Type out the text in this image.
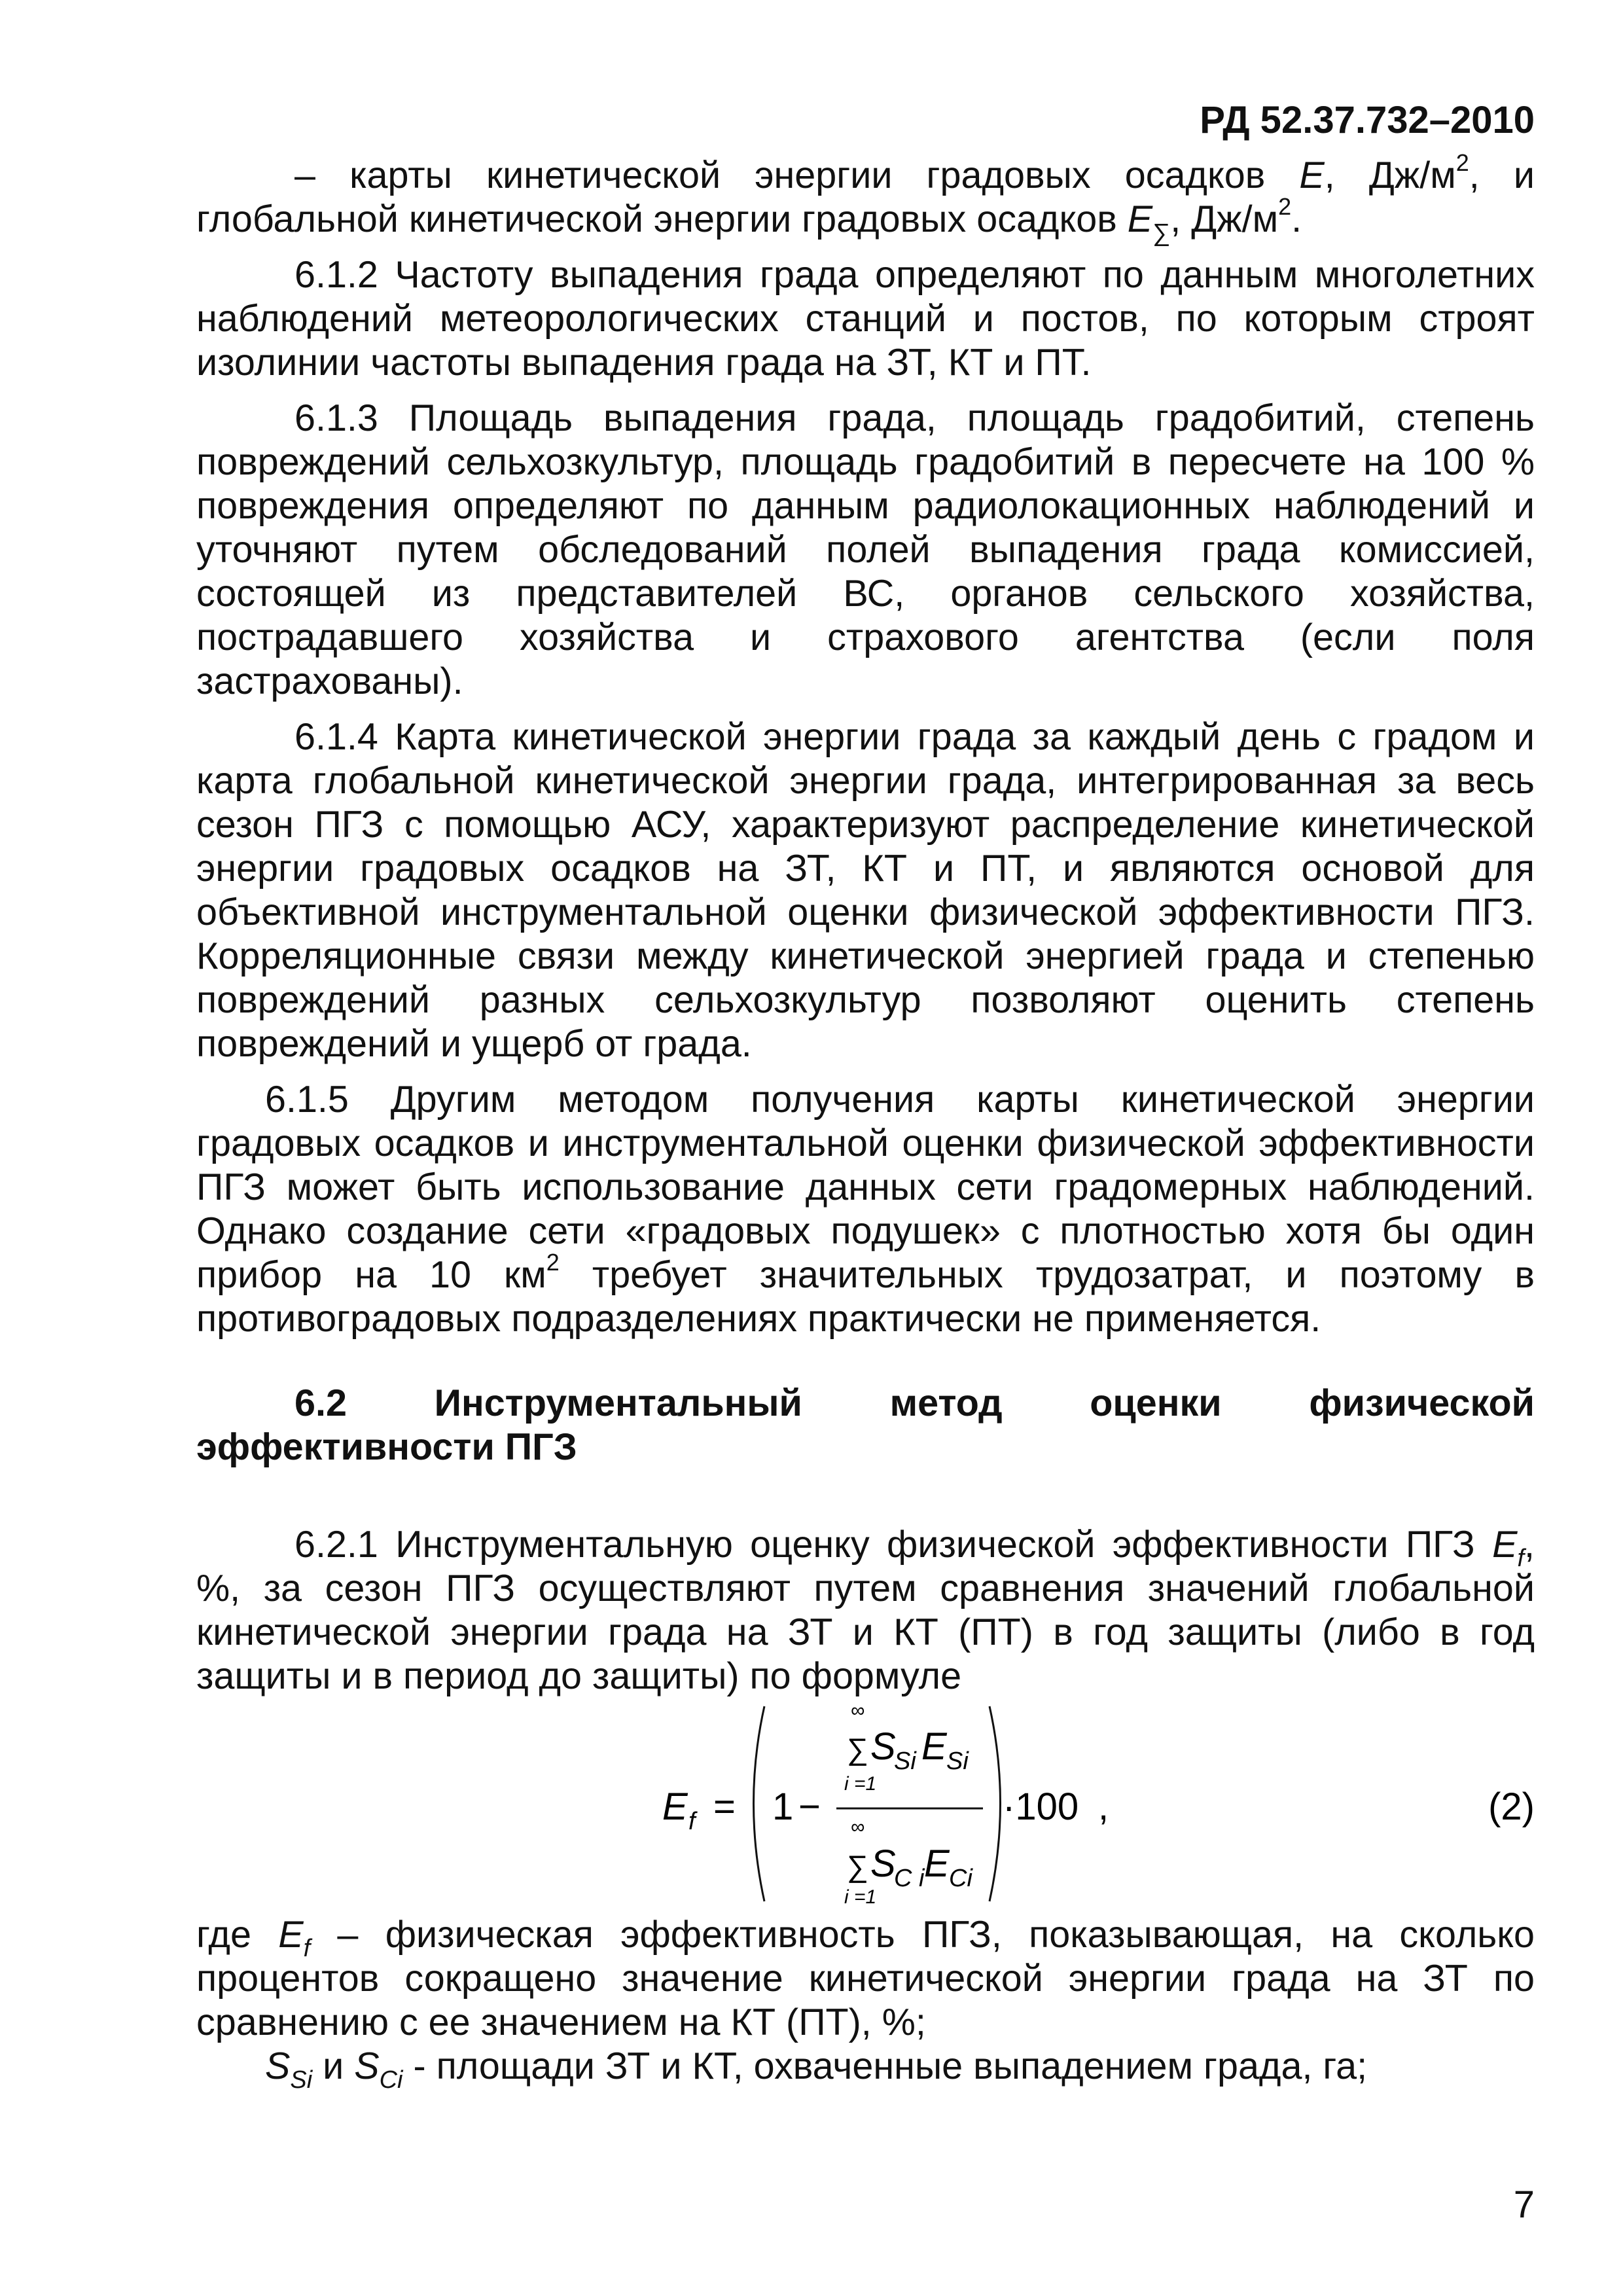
РД 52.37.732–2010

– карты кинетической энергии градовых осадков E, $Дж/м^2$, и

глобальной кинетической энергии градовых осадков $E_\sum$, $Дж/м^2$.

6.1.2 Частоту выпадения града определяют по данным многолетних

наблюдений метеорологических станций и постов, по которым строят

изолинии частоты выпадения града на ЗТ, КТ и ПТ.

6.1.3 Площадь выпадения града, площадь градобитий, степень

повреждений сельхозкультур, площадь градобитий в пересчете на 100 %

повреждения определяют по данным радиолокационных наблюдений и

уточняют путем обследований полей выпадения града комиссией,

состоящей из представителей ВС, органов сельского хозяйства,

пострадавшего хозяйства и страхового агентства (если поля

застрахованы).

6.1.4 Карта кинетической энергии града за каждый день с градом и

карта глобальной кинетической энергии града, интегрированная за весь

сезон ПГЗ с помощью АСУ, характеризуют распределение кинетической

энергии градовых осадков на ЗТ, КТ и ПТ, и являются основой для

объективной инструментальной оценки физической эффективности ПГЗ.

Корреляционные связи между кинетической энергией града и степенью

повреждений разных сельхозкультур позволяют оценить степень

повреждений и ущерб от града.

6.1.5 Другим методом получения карты кинетической энергии

градовых осадков и инструментальной оценки физической эффективности

ПГЗ может быть использование данных сети градомерных наблюдений.

Однако создание сети «градовых подушек» с плотностью хотя бы один

прибор на 10 $км^2$ требует значительных трудозатрат, и поэтому в

противоградовых подразделениях практически не применяется.

6.2 Инструментальный метод оценки физической

эффективности ПГЗ

6.2.1 Инструментальную оценку физической эффективности ПГЗ $E_f$,

%, за сезон ПГЗ осуществляют путем сравнения значений глобальной

кинетической энергии града на ЗТ и КТ (ПТ) в год защиты (либо в год

защиты и в период до защиты) по формуле

E f = 1 −
∞
∑ S
Si E Si
i =1
∞
∑ S
C i E Ci
i =1
·100 ,	(2)

где $E_f$ – физическая эффективность ПГЗ, показывающая, на сколько

процентов сокращено значение кинетической энергии града на ЗТ по

сравнению с ее значением на КТ (ПТ), %;

$S_{Si}$ и $S_{Ci}$ - площади ЗТ и КТ, охваченные выпадением града, га;

7
